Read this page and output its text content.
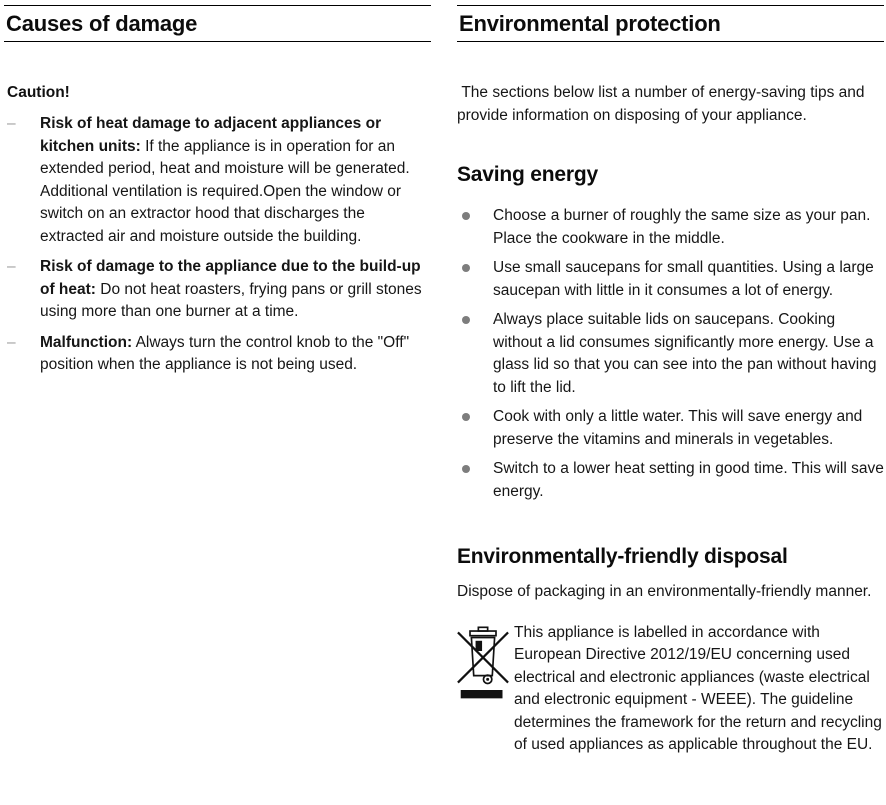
Causes of damage

Caution!

–	Risk of heat damage to adjacent appliances or kitchen units: If the appliance is in operation for an extended period, heat and moisture will be generated. Additional ventilation is required.Open the window or switch on an extractor hood that discharges the extracted air and moisture outside the building.

–	Risk of damage to the appliance due to the build-up of heat: Do not heat roasters, frying pans or grill stones using more than one burner at a time.

–	Malfunction: Always turn the control knob to the "Off" position when the appliance is not being used.

Environmental protection

The sections below list a number of energy-saving tips and provide information on disposing of your appliance.

Saving energy

Choose a burner of roughly the same size as your pan. Place the cookware in the middle.

Use small saucepans for small quantities. Using a large saucepan with little in it consumes a lot of energy.

Always place suitable lids on saucepans. Cooking without a lid consumes significantly more energy. Use a glass lid so that you can see into the pan without having to lift the lid.

Cook with only a little water. This will save energy and preserve the vitamins and minerals in vegetables.

Switch to a lower heat setting in good time. This will save energy.

Environmentally-friendly disposal

Dispose of packaging in an environmentally-friendly manner.

This appliance is labelled in accordance with European Directive 2012/19/EU concerning used electrical and electronic appliances (waste electrical and electronic equipment - WEEE). The guideline determines the framework for the return and recycling of used appliances as applicable throughout the EU.
